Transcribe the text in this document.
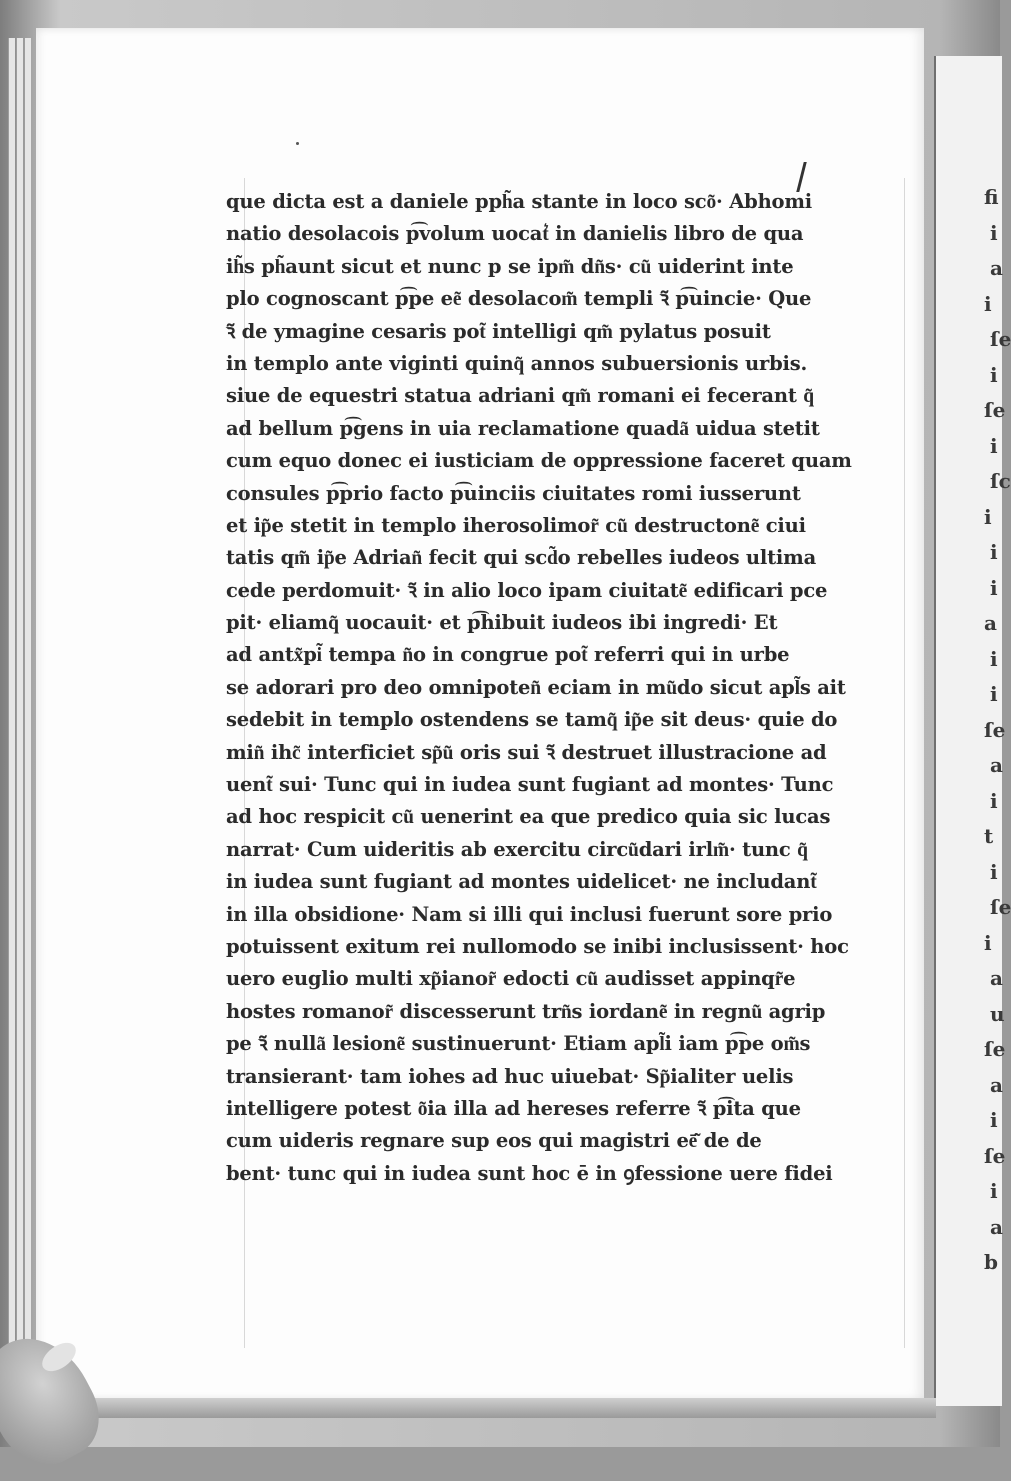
fi
i
a
i
ſe
i
ſe
i
ſc
i
i
i
a
i
i
ſe
a
i
t
i
ſe
i
a
u
ſe
a
i
ſe
i
a
b
que dicta est a daniele pph͂a stante in loco sco͂· Abhomi
natio desolacois p͡volum uocat͛ in danielis libro de qua
ih͂s ph͂aunt sicut et nunc p se ipm͂ dn͂s· cu͂ uiderint inte
plo cognoscant p͡pe ee͂ desolacom͂ templi ꝛ͂ p͡uincie· Que
ꝛ͂ de ymagine cesaris pot͂ intelligi qm͂ pylatus posuit
in templo ante viginti quinq͂ annos subuersionis urbis.
siue de equestri statua adriani qm͂ romani ei fecerant q͂
ad bellum p͡gens in uia reclamatione quada͂ uidua stetit
cum equo donec ei iusticiam de oppressione faceret quam
consules p͡prio facto p͡uinciis ciuitates romi iusserunt
et ip͂e stetit in templo iherosolimor͂ cu͂ destructone͂ ciui
tatis qm͂ ip͂e Adrian͂ fecit qui scd͂o rebelles iudeos ultima
cede perdomuit· ꝛ͂ in alio loco ipam ciuitate͂ edificari pce
pit· eliamq͂ uocauit· et p͡hibuit iudeos ibi ingredi· Et
ad antx͂pi͂ tempa n͂o in congrue pot͂ referri qui in urbe
se adorari pro deo omnipoten͂ eciam in mu͂do sicut apl͂s ait
sedebit in templo ostendens se tamq͂ ip͂e sit deus· quie do
min͂ ihc͂ interficiet sp͂u͂ oris sui ꝛ͂ destruet illustracione ad
uent͂ sui· Tunc qui in iudea sunt fugiant ad montes· Tunc
ad hoc respicit cu͂ uenerint ea que predico quia sic lucas
narrat· Cum uideritis ab exercitu circu͂dari irlm͂· tunc q͂
in iudea sunt fugiant ad montes uidelicet· ne includant͂
in illa obsidione· Nam si illi qui inclusi fuerunt sore prio
potuissent exitum rei nullomodo se inibi inclusissent· hoc
uero euglio multi xp͂ianor͂ edocti cu͂ audisset appinqr͂e
hostes romanor͂ discesserunt trn͂s iordane͂ in regnu͂ agrip
pe ꝛ͂ nulla͂ lesione͂ sustinuerunt· Etiam apl͂i iam p͡pe om͂s
transierant· tam iohes ad huc uiuebat· Sp͂ialiter uelis
intelligere potest o͂ia illa ad hereses referre ꝛ͂ p͡ita que
cum uideris regnare sup eos qui magistri eē͂ de de
bent· tunc qui in iudea sunt hoc ē in ꝯfessione uere fidei
